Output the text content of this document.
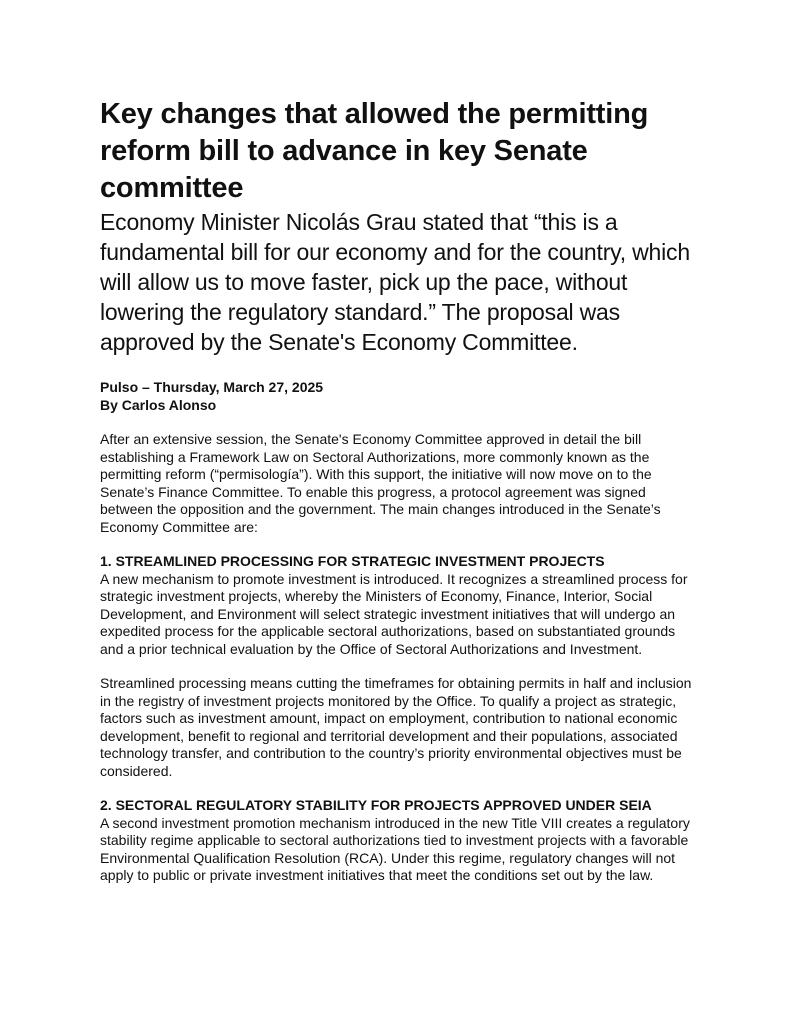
Key changes that allowed the permitting reform bill to advance in key Senate committee

Economy Minister Nicolás Grau stated that “this is a fundamental bill for our economy and for the country, which will allow us to move faster, pick up the pace, without lowering the regulatory standard.” The proposal was approved by the Senate's Economy Committee.

Pulso – Thursday, March 27, 2025
By Carlos Alonso

After an extensive session, the Senate's Economy Committee approved in detail the bill establishing a Framework Law on Sectoral Authorizations, more commonly known as the permitting reform (“permisología”). With this support, the initiative will now move on to the Senate’s Finance Committee. To enable this progress, a protocol agreement was signed between the opposition and the government. The main changes introduced in the Senate’s Economy Committee are:

1. STREAMLINED PROCESSING FOR STRATEGIC INVESTMENT PROJECTS

A new mechanism to promote investment is introduced. It recognizes a streamlined process for strategic investment projects, whereby the Ministers of Economy, Finance, Interior, Social Development, and Environment will select strategic investment initiatives that will undergo an expedited process for the applicable sectoral authorizations, based on substantiated grounds and a prior technical evaluation by the Office of Sectoral Authorizations and Investment.

Streamlined processing means cutting the timeframes for obtaining permits in half and inclusion in the registry of investment projects monitored by the Office. To qualify a project as strategic, factors such as investment amount, impact on employment, contribution to national economic development, benefit to regional and territorial development and their populations, associated technology transfer, and contribution to the country’s priority environmental objectives must be considered.

2. SECTORAL REGULATORY STABILITY FOR PROJECTS APPROVED UNDER SEIA

A second investment promotion mechanism introduced in the new Title VIII creates a regulatory stability regime applicable to sectoral authorizations tied to investment projects with a favorable Environmental Qualification Resolution (RCA). Under this regime, regulatory changes will not apply to public or private investment initiatives that meet the conditions set out by the law.
